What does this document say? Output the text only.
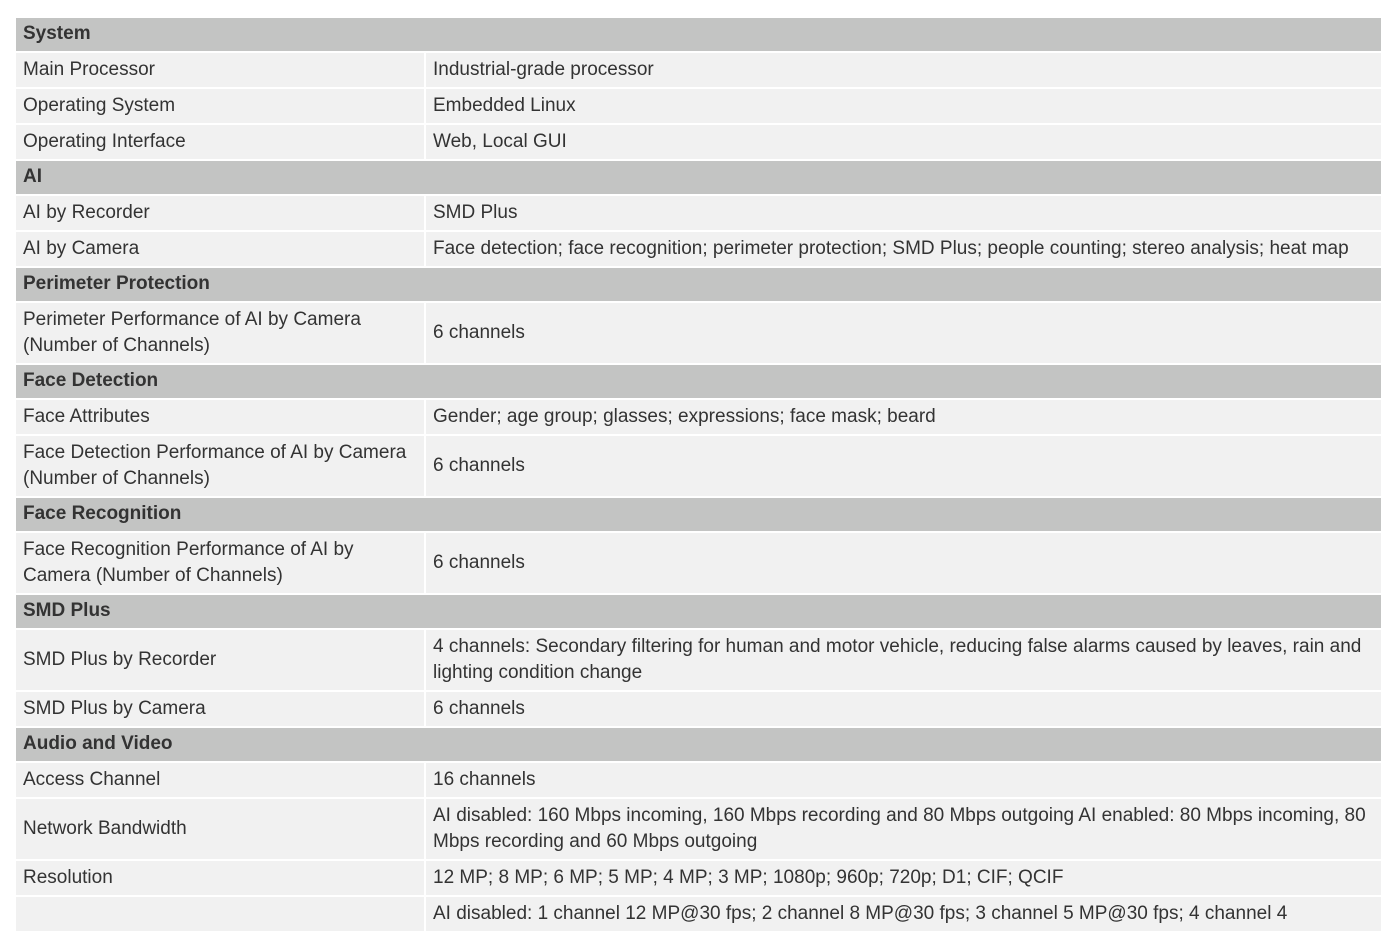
System	
Main Processor	Industrial-grade processor
Operating System	Embedded Linux
Operating Interface	Web, Local GUI
AI	
AI by Recorder	SMD Plus
AI by Camera	Face detection; face recognition; perimeter protection; SMD Plus; people counting; stereo analysis; heat map
Perimeter Protection	
Perimeter Performance of AI by Camera (Number of Channels)	6 channels
Face Detection	
Face Attributes	Gender; age group; glasses; expressions; face mask; beard
Face Detection Performance of AI by Camera (Number of Channels)	6 channels
Face Recognition	
Face Recognition Performance of AI by Camera (Number of Channels)	6 channels
SMD Plus	
SMD Plus by Recorder	4 channels: Secondary filtering for human and motor vehicle, reducing false alarms caused by leaves, rain and lighting condition change
SMD Plus by Camera	6 channels
Audio and Video	
Access Channel	16 channels
Network Bandwidth	AI disabled: 160 Mbps incoming, 160 Mbps recording and 80 Mbps outgoing AI enabled: 80 Mbps incoming, 80 Mbps recording and 60 Mbps outgoing
Resolution	12 MP; 8 MP; 6 MP; 5 MP; 4 MP; 3 MP; 1080p; 960p; 720p; D1; CIF; QCIF
	AI disabled: 1 channel 12 MP@30 fps; 2 channel 8 MP@30 fps; 3 channel 5 MP@30 fps; 4 channel 4
